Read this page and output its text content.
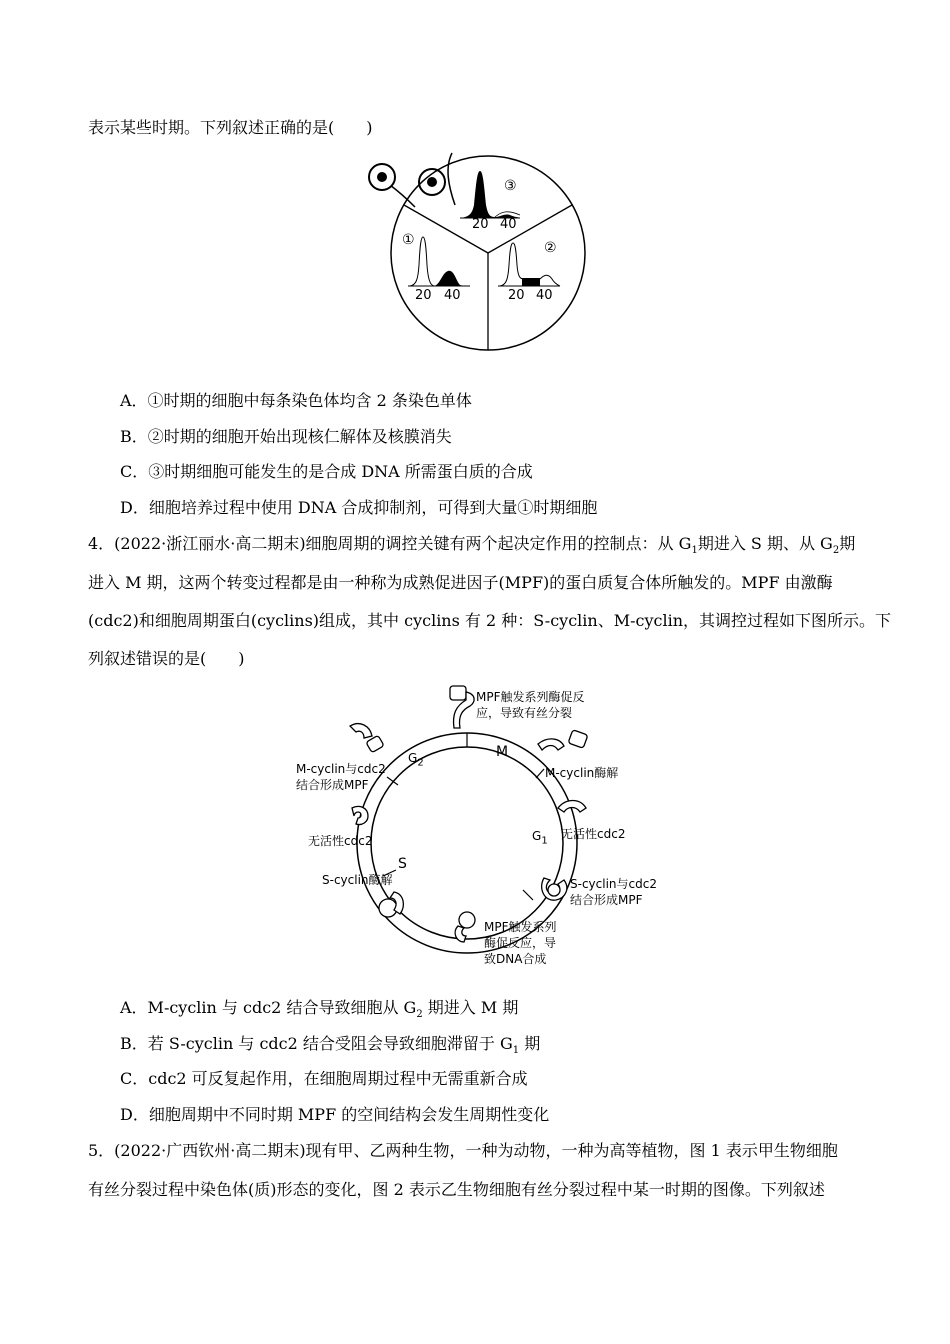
表示某些时期。下列叙述正确的是(　　)
③
20 40
①	②
20 40	20 40
A．①时期的细胞中每条染色体均含 2 条染色单体
B．②时期的细胞开始出现核仁解体及核膜消失
C．③时期细胞可能发生的是合成 DNA 所需蛋白质的合成
D．细胞培养过程中使用 DNA 合成抑制剂，可得到大量①时期细胞
4．(2022·浙江丽水·高二期末)细胞周期的调控关键有两个起决定作用的控制点：从 $G_1$期进入 S 期、从 $G_2$期
进入 M 期，这两个转变过程都是由一种称为成熟促进因子(MPF)的蛋白质复合体所触发的。MPF 由激酶
(cdc2)和细胞周期蛋白(cyclins)组成，其中 cyclins 有 2 种：S-cyclin、M-cyclin，其调控过程如下图所示。下
列叙述错误的是(　　)
MPF触发系列酶促反
应，导致有丝分裂
M-cyclin酶解
无活性cdc2
S-cyclin与cdc2
结合形成MPF
MPF触发系列
酶促反应，导
致DNA合成
S-cyclin酶解
无活性cdc2
M-cyclin与cdc2
结合形成MPF
M
$G_1$
S
$G_2$
A．M-cyclin 与 cdc2 结合导致细胞从 $G_2$ 期进入 M 期
B．若 S-cyclin 与 cdc2 结合受阻会导致细胞滞留于 $G_1$ 期
C．cdc2 可反复起作用，在细胞周期过程中无需重新合成
D．细胞周期中不同时期 MPF 的空间结构会发生周期性变化
5．(2022·广西钦州·高二期末)现有甲、乙两种生物，一种为动物，一种为高等植物，图 1 表示甲生物细胞
有丝分裂过程中染色体(质)形态的变化，图 2 表示乙生物细胞有丝分裂过程中某一时期的图像。下列叙述
